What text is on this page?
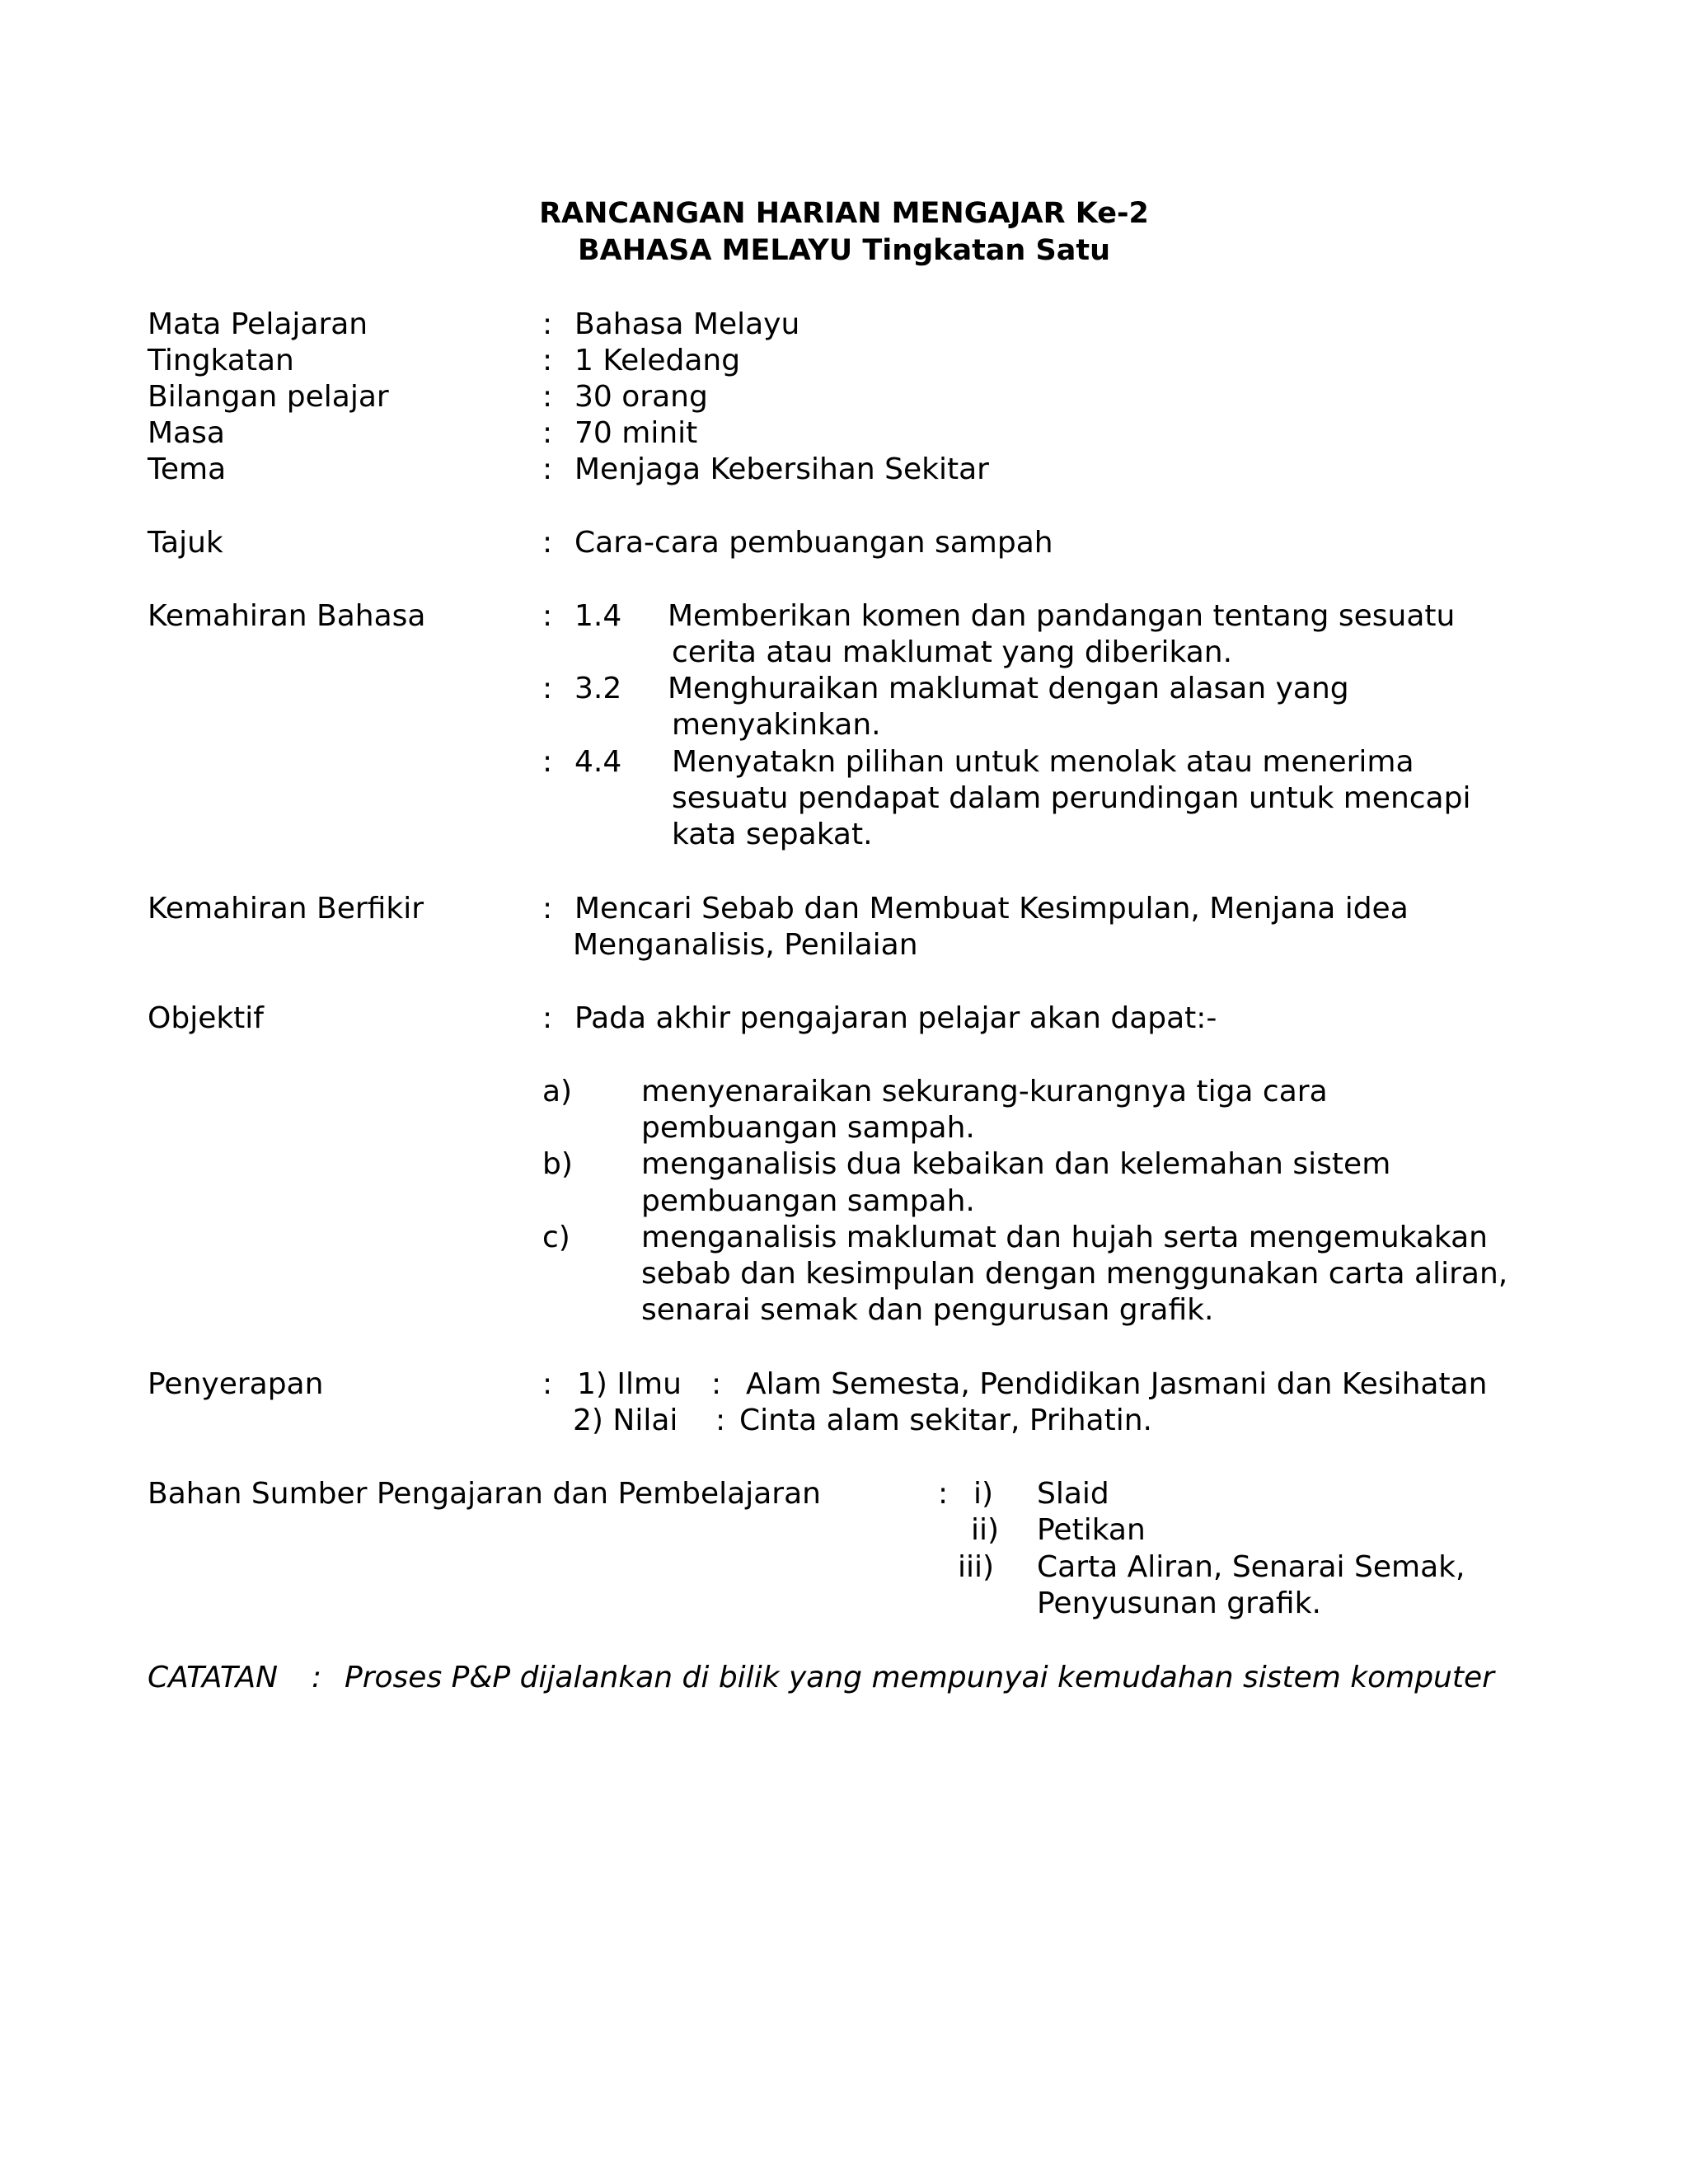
RANCANGAN HARIAN MENGAJAR Ke-2
BAHASA MELAYU Tingkatan Satu
Mata Pelajaran	: Bahasa Melayu
Tingkatan	: 1 Keledang
Bilangan pelajar	: 30 orang
Masa	: 70 minit
Tema	: Menjaga Kebersihan Sekitar
Tajuk	: Cara-cara pembuangan sampah
Kemahiran Bahasa	: 1.4 Memberikan komen dan pandangan tentang sesuatu
cerita atau maklumat yang diberikan.
: 3.2 Menghuraikan maklumat dengan alasan yang
menyakinkan.
: 4.4 Menyatakn pilihan untuk menolak atau menerima
sesuatu pendapat dalam perundingan untuk mencapi
kata sepakat.
Kemahiran Berfikir	: Mencari Sebab dan Membuat Kesimpulan, Menjana idea
Menganalisis, Penilaian
Objektif	: Pada akhir pengajaran pelajar akan dapat:-
a) menyenaraikan sekurang-kurangnya tiga cara
pembuangan sampah.
b) menganalisis dua kebaikan dan kelemahan sistem
pembuangan sampah.
c) menganalisis maklumat dan hujah serta mengemukakan
sebab dan kesimpulan dengan menggunakan carta aliran,
senarai semak dan pengurusan grafik.
Penyerapan	: 1) Ilmu : Alam Semesta, Pendidikan Jasmani dan Kesihatan
2) Nilai : Cinta alam sekitar, Prihatin.
Bahan Sumber Pengajaran dan Pembelajaran	: i) Slaid
ii) Petikan
iii) Carta Aliran, Senarai Semak,
Penyusunan grafik.
CATATAN : Proses P&P dijalankan di bilik yang mempunyai kemudahan sistem komputer
